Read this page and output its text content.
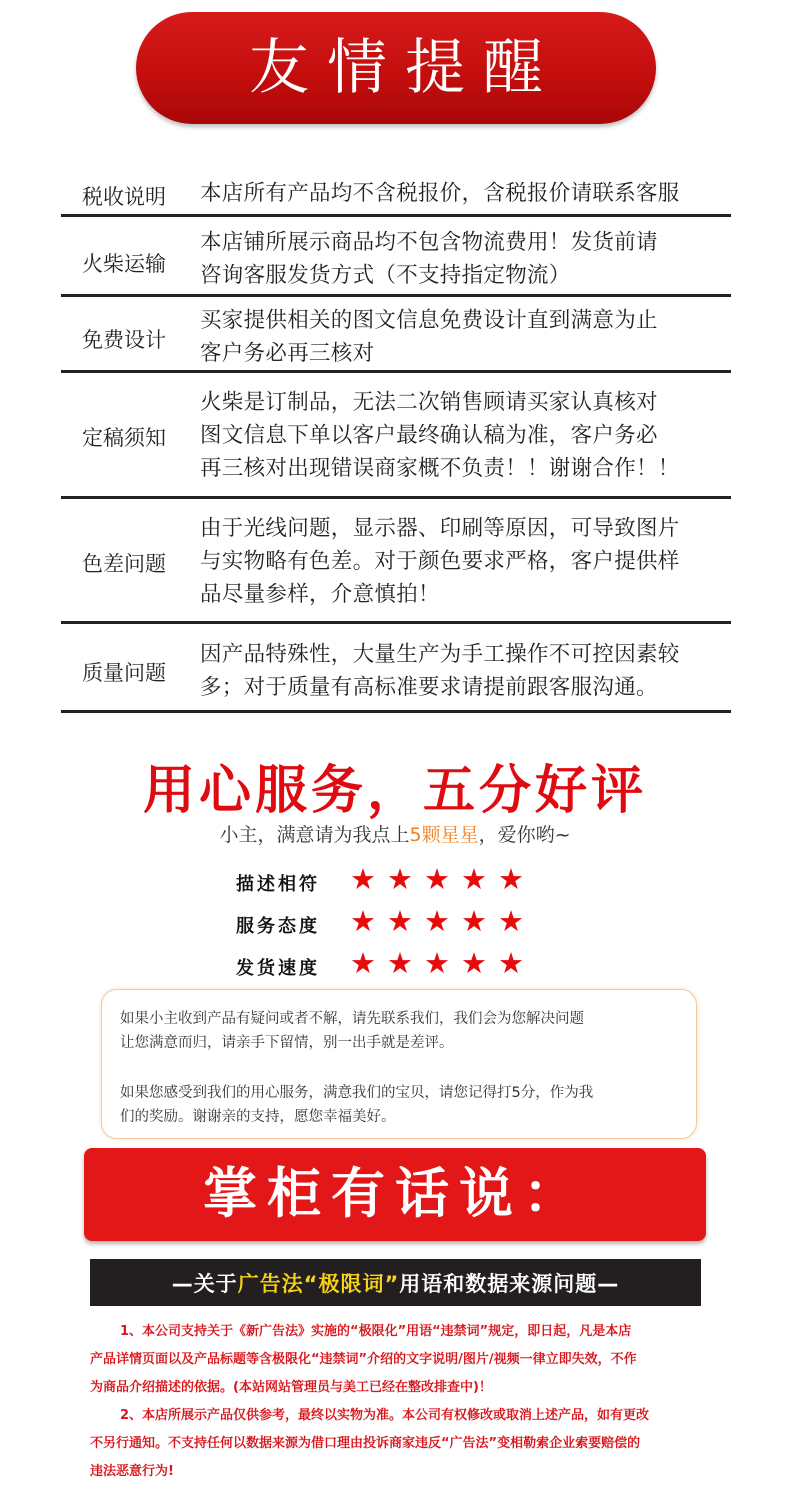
友情提醒
税收说明	本店所有产品均不含税报价，含税报价请联系客服
火柴运输
本店铺所展示商品均不包含物流费用！发货前请
咨询客服发货方式（不支持指定物流）
免费设计
买家提供相关的图文信息免费设计直到满意为止
客户务必再三核对
定稿须知
火柴是订制品，无法二次销售顾请买家认真核对
图文信息下单以客户最终确认稿为准，客户务必
再三核对出现错误商家概不负责！！谢谢合作！！
色差问题
由于光线问题，显示器、印刷等原因，可导致图片
与实物略有色差。对于颜色要求严格，客户提供样
品尽量参样，介意慎拍！
质量问题
因产品特殊性，大量生产为手工操作不可控因素较
多；对于质量有高标准要求请提前跟客服沟通。
用心服务，五分好评
小主，满意请为我点上5颗星星，爱你哟~
描述相符 ★★★★★
服务态度 ★★★★★
发货速度 ★★★★★
如果小主收到产品有疑问或者不解，请先联系我们，我们会为您解决问题
让您满意而归，请亲手下留情，别一出手就是差评。
如果您感受到我们的用心服务，满意我们的宝贝，请您记得打5分，作为我
们的奖励。谢谢亲的支持，愿您幸福美好。
掌柜有话说：
—关于广告法“极限词”用语和数据来源问题—
1、本公司支持关于《新广告法》实施的“极限化”用语“违禁词”规定，即日起，凡是本店
产品详情页面以及产品标题等含极限化“违禁词”介绍的文字说明/图片/视频一律立即失效，不作
为商品介绍描述的依据。(本站网站管理员与美工已经在整改排查中)！
2、本店所展示产品仅供参考，最终以实物为准。本公司有权修改或取消上述产品，如有更改
不另行通知。不支持任何以数据来源为借口理由投诉商家违反“广告法”变相勒索企业索要赔偿的
违法恶意行为!
